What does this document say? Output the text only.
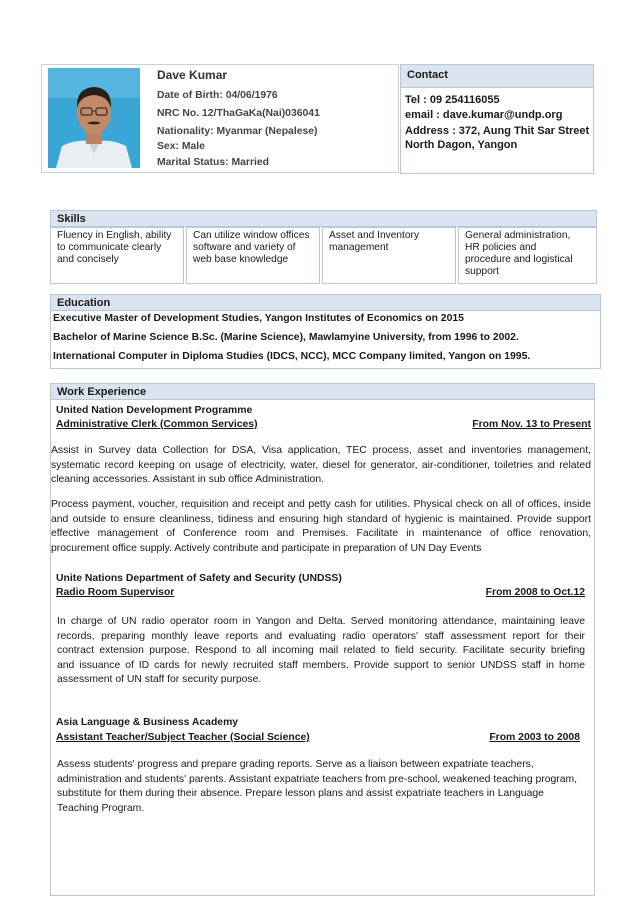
Dave Kumar
Date of Birth: 04/06/1976
NRC No. 12/ThaGaKa(Nai)036041
Nationality: Myanmar (Nepalese)
Sex: Male
Marital Status: Married
Contact
Tel : 09 254116055
email : dave.kumar@undp.org
Address : 372, Aung Thit Sar Street
North Dagon, Yangon
Skills
Fluency in English, ability
to communicate clearly
and concisely
Can utilize window offices
software and variety of
web base knowledge
Asset and Inventory
management
General administration,
HR policies and
procedure and logistical
support
Education
Executive Master of Development Studies, Yangon Institutes of Economics on 2015
Bachelor of Marine Science B.Sc. (Marine Science), Mawlamyine University, from 1996 to 2002.
International Computer in Diploma Studies (IDCS, NCC), MCC Company limited, Yangon on 1995.
Work Experience
United Nation Development Programme
Administrative Clerk (Common Services)	From Nov. 13 to Present
Assist in Survey data Collection for DSA, Visa application, TEC process, asset and inventories management,
systematic record keeping on usage of electricity, water, diesel for generator, air-conditioner, toiletries and related
cleaning accessories. Assistant in sub office Administration.
Process payment, voucher, requisition and receipt and petty cash for utilities. Physical check on all of offices, inside
and outside to ensure cleanliness, tidiness and ensuring high standard of hygienic is maintained. Provide support
effective management of Conference room and Premises. Facilitate in maintenance of office renovation,
procurement office supply. Actively contribute and participate in preparation of UN Day Events
Unite Nations Department of Safety and Security (UNDSS)
Radio Room Supervisor	From 2008 to Oct.12
In charge of UN radio operator room in Yangon and Delta. Served monitoring attendance, maintaining leave
records, preparing monthly leave reports and evaluating radio operators' staff assessment report for their
contract extension purpose. Respond to all incoming mail related to field security. Facilitate security briefing
and issuance of ID cards for newly recruited staff members. Provide support to senior UNDSS staff in home
assessment of UN staff for security purpose.
Asia Language & Business Academy
Assistant Teacher/Subject Teacher (Social Science)	From 2003 to 2008
Assess students' progress and prepare grading reports. Serve as a liaison between expatriate teachers,
administration and students' parents. Assistant expatriate teachers from pre-school, weakened teaching program,
substitute for them during their absence. Prepare lesson plans and assist expatriate teachers in Language
Teaching Program.
